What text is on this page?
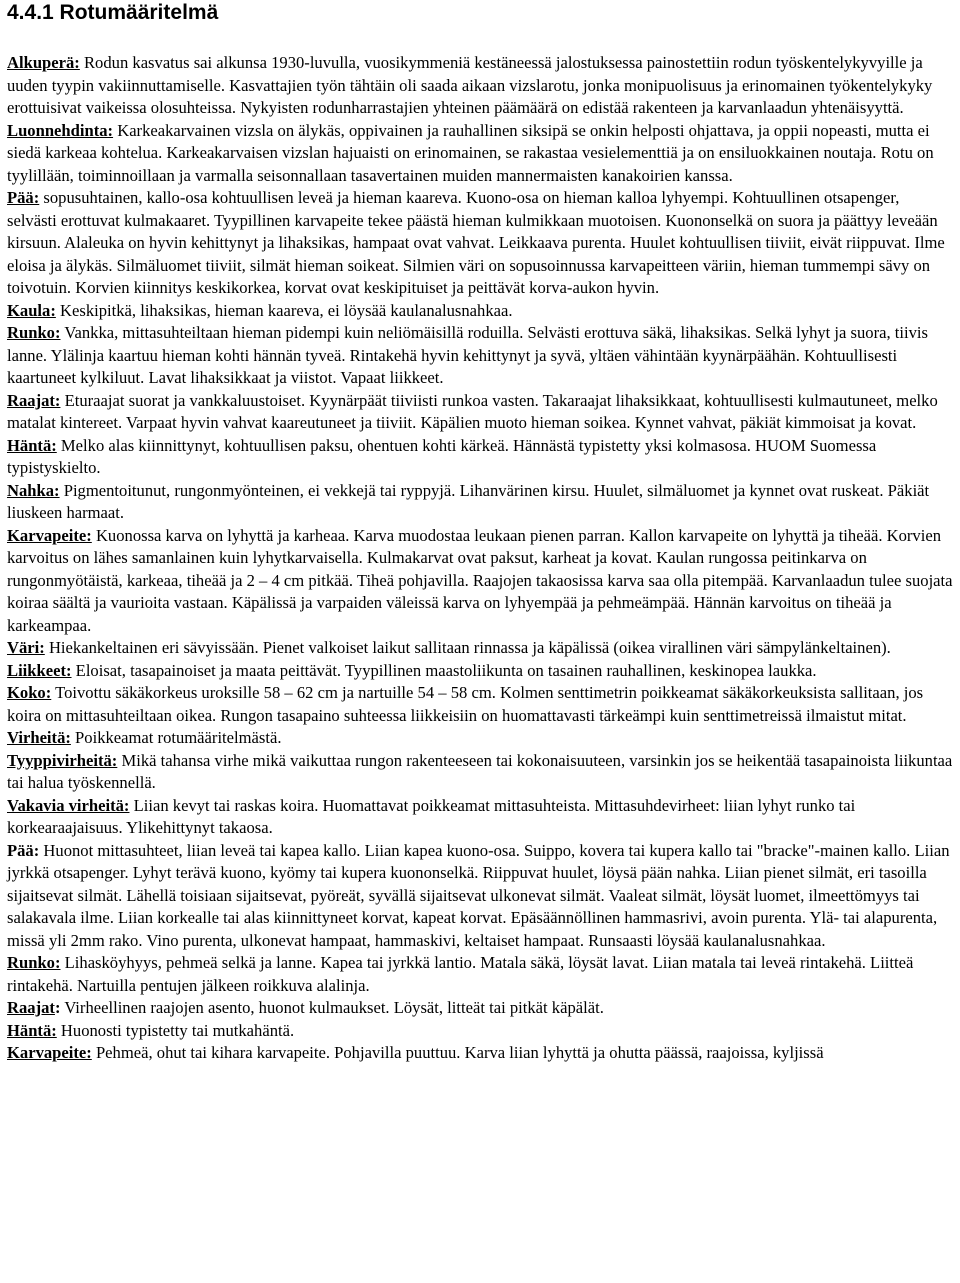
4.4.1 Rotumääritelmä

Alkuperä: Rodun kasvatus sai alkunsa 1930-luvulla, vuosikymmeniä kestäneessä jalostuksessa painostettiin rodun työskentelykyvyille ja uuden tyypin vakiinnuttamiselle. Kasvattajien työn tähtäin oli saada aikaan vizslarotu, jonka monipuolisuus ja erinomainen työkentelykyky erottuisivat vaikeissa olosuhteissa. Nykyisten rodunharrastajien yhteinen päämäärä on edistää rakenteen ja karvanlaadun yhtenäisyyttä.

Luonnehdinta: Karkeakarvainen vizsla on älykäs, oppivainen ja rauhallinen siksipä se onkin helposti ohjattava, ja oppii nopeasti, mutta ei siedä karkeaa kohtelua. Karkeakarvaisen vizslan hajuaisti on erinomainen, se rakastaa vesielementtiä ja on ensiluokkainen noutaja. Rotu on tyylillään, toiminnoillaan ja varmalla seisonnallaan tasavertainen muiden mannermaisten kanakoirien kanssa.

Pää: sopusuhtainen, kallo-osa kohtuullisen leveä ja hieman kaareva. Kuono-osa on hieman kalloa lyhyempi. Kohtuullinen otsapenger, selvästi erottuvat kulmakaaret. Tyypillinen karvapeite tekee päästä hieman kulmikkaan muotoisen. Kuononselkä on suora ja päättyy leveään kirsuun. Alaleuka on hyvin kehittynyt ja lihaksikas, hampaat ovat vahvat. Leikkaava purenta. Huulet kohtuullisen tiiviit, eivät riippuvat. Ilme eloisa ja älykäs. Silmäluomet tiiviit, silmät hieman soikeat. Silmien väri on sopusoinnussa karvapeitteen väriin, hieman tummempi sävy on toivotuin. Korvien kiinnitys keskikorkea, korvat ovat keskipituiset ja peittävät korva-aukon hyvin.

Kaula: Keskipitkä, lihaksikas, hieman kaareva, ei löysää kaulanalusnahkaa.

Runko: Vankka, mittasuhteiltaan hieman pidempi kuin neliömäisillä roduilla. Selvästi erottuva säkä, lihaksikas. Selkä lyhyt ja suora, tiivis lanne. Ylälinja kaartuu hieman kohti hännän tyveä. Rintakehä hyvin kehittynyt ja syvä, yltäen vähintään kyynärpäähän. Kohtuullisesti kaartuneet kylkiluut. Lavat lihaksikkaat ja viistot. Vapaat liikkeet.

Raajat: Eturaajat suorat ja vankkaluustoiset. Kyynärpäät tiiviisti runkoa vasten. Takaraajat lihaksikkaat, kohtuullisesti kulmautuneet, melko matalat kintereet. Varpaat hyvin vahvat kaareutuneet ja tiiviit. Käpälien muoto hieman soikea. Kynnet vahvat, päkiät kimmoisat ja kovat.

Häntä: Melko alas kiinnittynyt, kohtuullisen paksu, ohentuen kohti kärkeä. Hännästä typistetty yksi kolmasosa. HUOM Suomessa typistyskielto.

Nahka: Pigmentoitunut, rungonmyönteinen, ei vekkejä tai ryppyjä. Lihanvärinen kirsu. Huulet, silmäluomet ja kynnet ovat ruskeat. Päkiät liuskeen harmaat.

Karvapeite: Kuonossa karva on lyhyttä ja karheaa. Karva muodostaa leukaan pienen parran. Kallon karvapeite on lyhyttä ja tiheää. Korvien karvoitus on lähes samanlainen kuin lyhytkarvaisella. Kulmakarvat ovat paksut, karheat ja kovat. Kaulan rungossa peitinkarva on rungonmyötäistä, karkeaa, tiheää ja 2 – 4 cm pitkää. Tiheä pohjavilla. Raajojen takaosissa karva saa olla pitempää. Karvanlaadun tulee suojata koiraa säältä ja vaurioita vastaan. Käpälissä ja varpaiden väleissä karva on lyhyempää ja pehmeämpää. Hännän karvoitus on tiheää ja karkeampaa.

Väri: Hiekankeltainen eri sävyissään. Pienet valkoiset laikut sallitaan rinnassa ja käpälissä (oikea virallinen väri sämpylänkeltainen).

Liikkeet: Eloisat, tasapainoiset ja maata peittävät. Tyypillinen maastoliikunta on tasainen rauhallinen, keskinopea laukka.

Koko: Toivottu säkäkorkeus uroksille 58 – 62 cm ja nartuille 54 – 58 cm. Kolmen senttimetrin poikkeamat säkäkorkeuksista sallitaan, jos koira on mittasuhteiltaan oikea. Rungon tasapaino suhteessa liikkeisiin on huomattavasti tärkeämpi kuin senttimetreissä ilmaistut mitat.

Virheitä: Poikkeamat rotumääritelmästä.

Tyyppivirheitä: Mikä tahansa virhe mikä vaikuttaa rungon rakenteeseen tai kokonaisuuteen, varsinkin jos se heikentää tasapainoista liikuntaa tai halua työskennellä.

Vakavia virheitä: Liian kevyt tai raskas koira. Huomattavat poikkeamat mittasuhteista. Mittasuhdevirheet: liian lyhyt runko tai korkearaajaisuus. Ylikehittynyt takaosa.

Pää: Huonot mittasuhteet, liian leveä tai kapea kallo. Liian kapea kuono-osa. Suippo, kovera tai kupera kallo tai "bracke"-mainen kallo. Liian jyrkkä otsapenger. Lyhyt terävä kuono, kyömy tai kupera kuononselkä. Riippuvat huulet, löysä pään nahka. Liian pienet silmät, eri tasoilla sijaitsevat silmät. Lähellä toisiaan sijaitsevat, pyöreät, syvällä sijaitsevat ulkonevat silmät. Vaaleat silmät, löysät luomet, ilmeettömyys tai salakavala ilme. Liian korkealle tai alas kiinnittyneet korvat, kapeat korvat. Epäsäännöllinen hammasrivi, avoin purenta. Ylä- tai alapurenta, missä yli 2mm rako. Vino purenta, ulkonevat hampaat, hammaskivi, keltaiset hampaat. Runsaasti löysää kaulanalusnahkaa.

Runko: Lihasköyhyys, pehmeä selkä ja lanne. Kapea tai jyrkkä lantio. Matala säkä, löysät lavat. Liian matala tai leveä rintakehä. Liitteä rintakehä. Nartuilla pentujen jälkeen roikkuva alalinja.

Raajat: Virheellinen raajojen asento, huonot kulmaukset. Löysät, litteät tai pitkät käpälät.

Häntä: Huonosti typistetty tai mutkahäntä.

Karvapeite: Pehmeä, ohut tai kihara karvapeite. Pohjavilla puuttuu. Karva liian lyhyttä ja ohutta päässä, raajoissa, kyljissä
